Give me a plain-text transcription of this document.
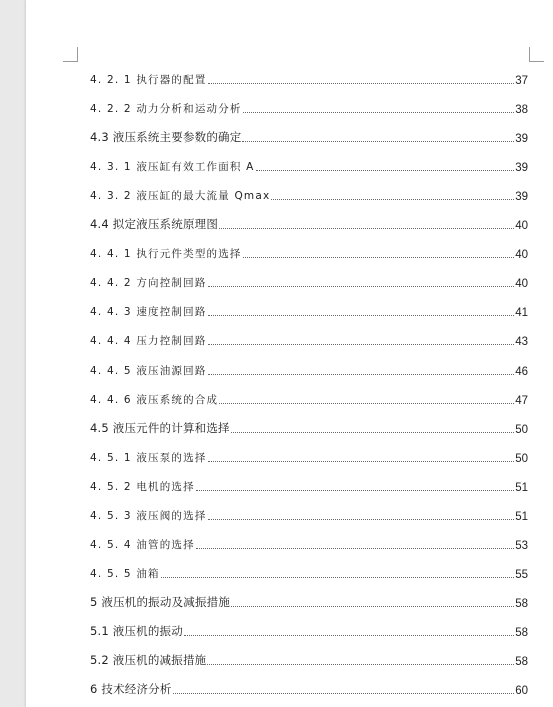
4. 2. 1 执行器的配置	37
4. 2. 2 动力分析和运动分析	38
4.3 液压系统主要参数的确定	39
4. 3. 1 液压缸有效工作面积 A	39
4. 3. 2 液压缸的最大流量 Qmax	39
4.4 拟定液压系统原理图	40
4. 4. 1 执行元件类型的选择	40
4. 4. 2 方向控制回路	40
4. 4. 3 速度控制回路	41
4. 4. 4 压力控制回路	43
4. 4. 5 液压油源回路	46
4. 4. 6 液压系统的合成	47
4.5 液压元件的计算和选择	50
4. 5. 1 液压泵的选择	50
4. 5. 2 电机的选择	51
4. 5. 3 液压阀的选择	51
4. 5. 4 油管的选择	53
4. 5. 5 油箱	55
5 液压机的振动及减振措施	58
5.1 液压机的振动	58
5.2 液压机的减振措施	58
6 技术经济分析	60
